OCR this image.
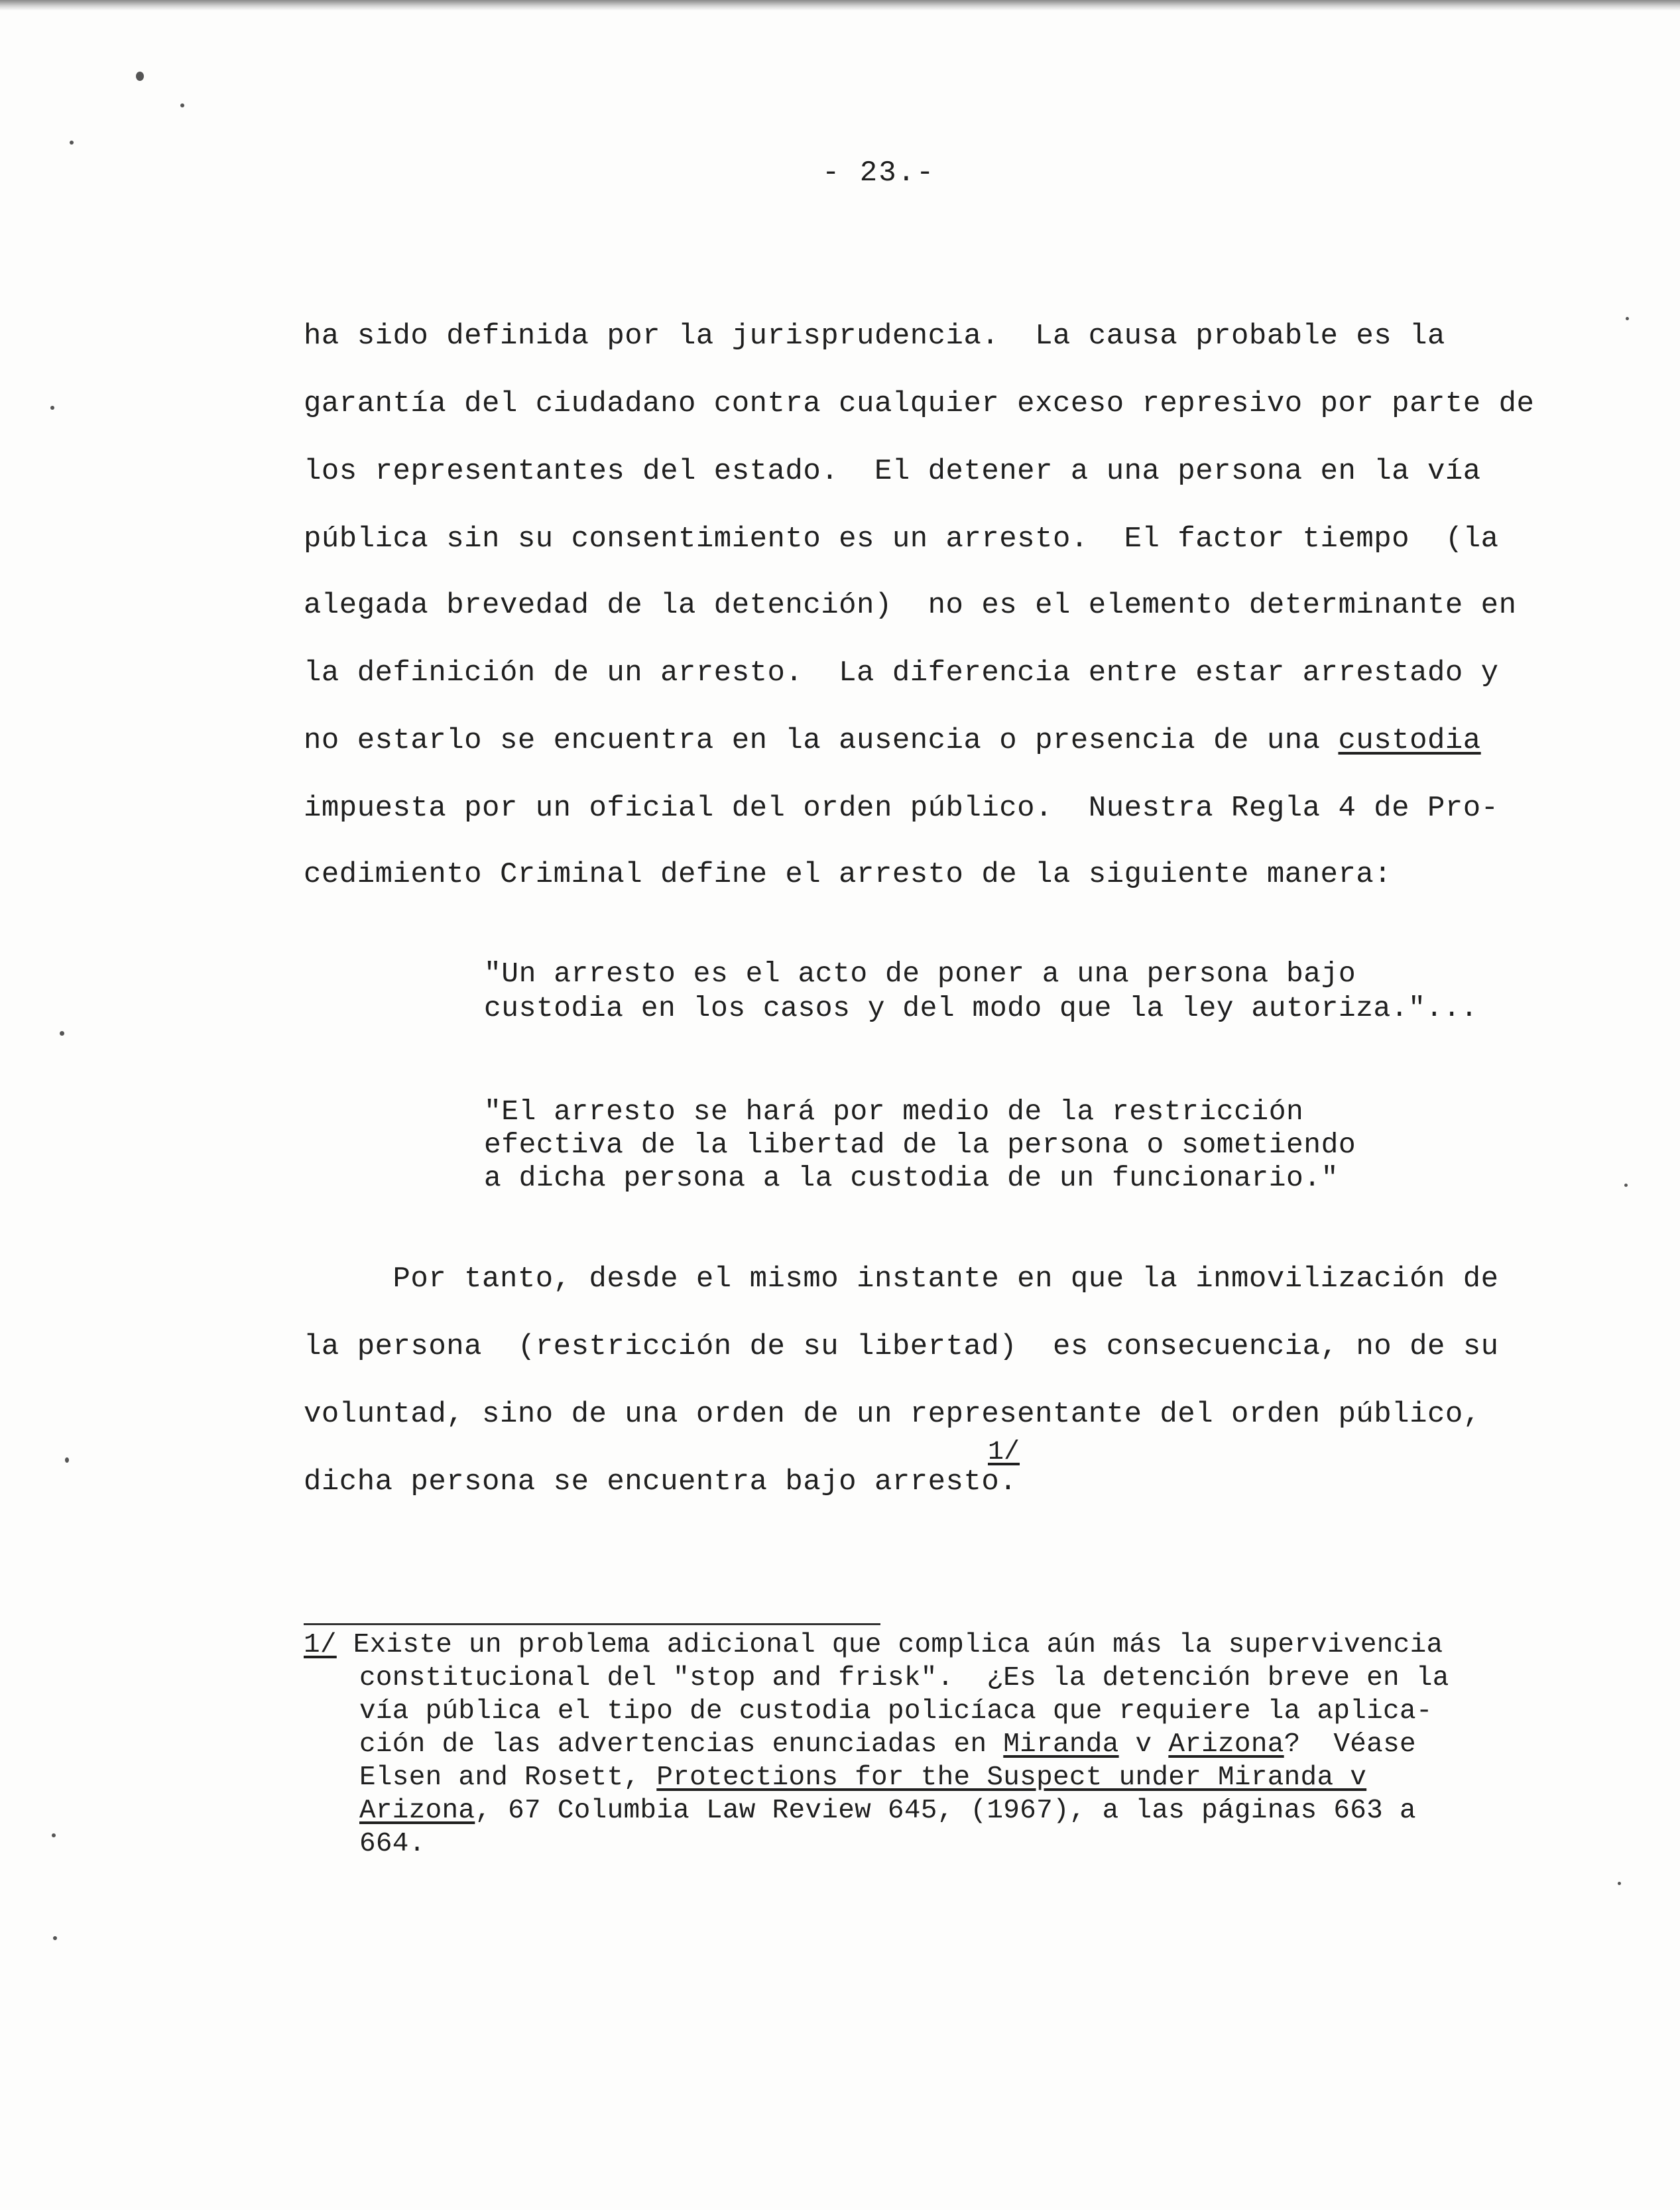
- 23.-
ha sido definida por la jurisprudencia.  La causa probable es la
garantía del ciudadano contra cualquier exceso represivo por parte de
los representantes del estado.  El detener a una persona en la vía
pública sin su consentimiento es un arresto.  El factor tiempo  (la
alegada brevedad de la detención)  no es el elemento determinante en
la definición de un arresto.  La diferencia entre estar arrestado y
no estarlo se encuentra en la ausencia o presencia de una custodia
impuesta por un oficial del orden público.  Nuestra Regla 4 de Pro-
cedimiento Criminal define el arresto de la siguiente manera:
"Un arresto es el acto de poner a una persona bajo
custodia en los casos y del modo que la ley autoriza."...
"El arresto se hará por medio de la restricción
efectiva de la libertad de la persona o sometiendo
a dicha persona a la custodia de un funcionario."
Por tanto, desde el mismo instante en que la inmovilización de
la persona  (restricción de su libertad)  es consecuencia, no de su
voluntad, sino de una orden de un representante del orden público,
1/
dicha persona se encuentra bajo arresto.
1/ Existe un problema adicional que complica aún más la supervivencia
constitucional del "stop and frisk".  ¿Es la detención breve en la
vía pública el tipo de custodia policíaca que requiere la aplica-
ción de las advertencias enunciadas en Miranda v Arizona?  Véase
Elsen and Rosett, Protections for the Suspect under Miranda v
Arizona, 67 Columbia Law Review 645, (1967), a las páginas 663 a
664.
